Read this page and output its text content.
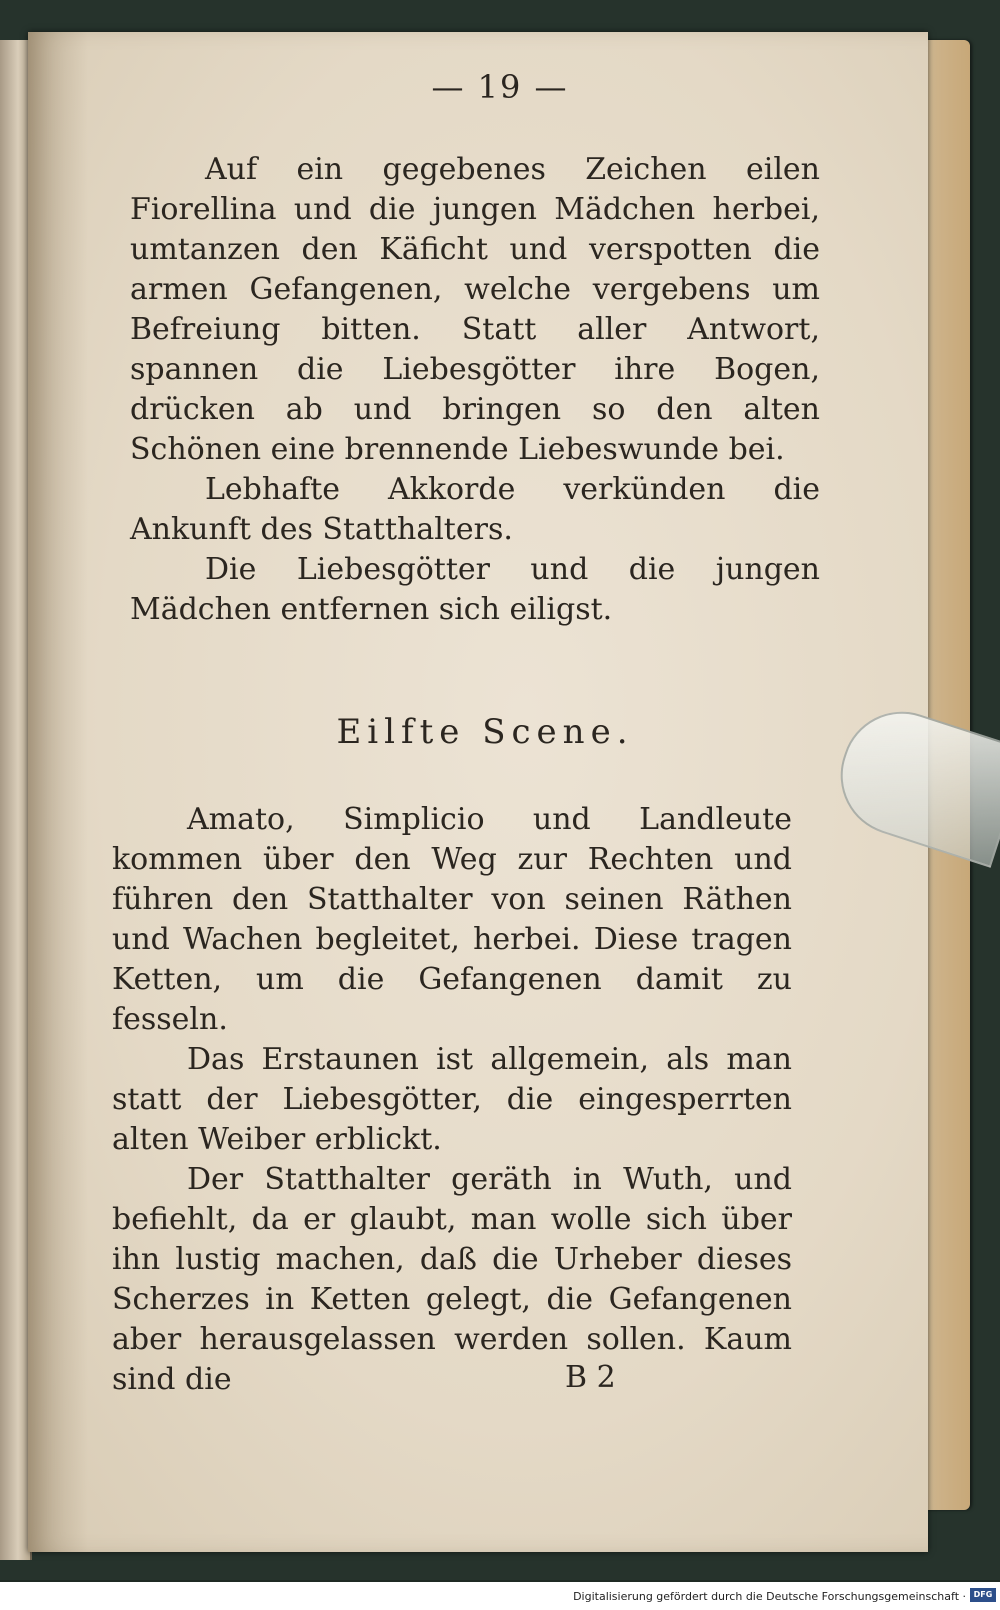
— 19 —

Auf ein gegebenes Zeichen eilen Fiorellina und die jungen Mädchen herbei, umtanzen den Käficht und verspotten die armen Gefangenen, welche vergebens um Befreiung bitten. Statt aller Antwort, spannen die Liebesgötter ihre Bogen, drücken ab und bringen so den alten Schönen eine brennende Liebeswunde bei.

Lebhafte Akkorde verkünden die Ankunft des Statthalters.

Die Liebesgötter und die jungen Mädchen entfernen sich eiligst.

Eilfte Scene.

Amato, Simplicio und Landleute kommen über den Weg zur Rechten und führen den Statthalter von seinen Räthen und Wachen begleitet, herbei. Diese tragen Ketten, um die Gefangenen damit zu fesseln.

Das Erstaunen ist allgemein, als man statt der Liebesgötter, die eingesperrten alten Weiber erblickt.

Der Statthalter geräth in Wuth, und befiehlt, da er glaubt, man wolle sich über ihn lustig machen, daß die Urheber dieses Scherzes in Ketten gelegt, die Gefangenen aber herausgelassen werden sollen. Kaum sind die	B 2
Digitalisierung gefördert durch die Deutsche Forschungsgemeinschaft · DFG
